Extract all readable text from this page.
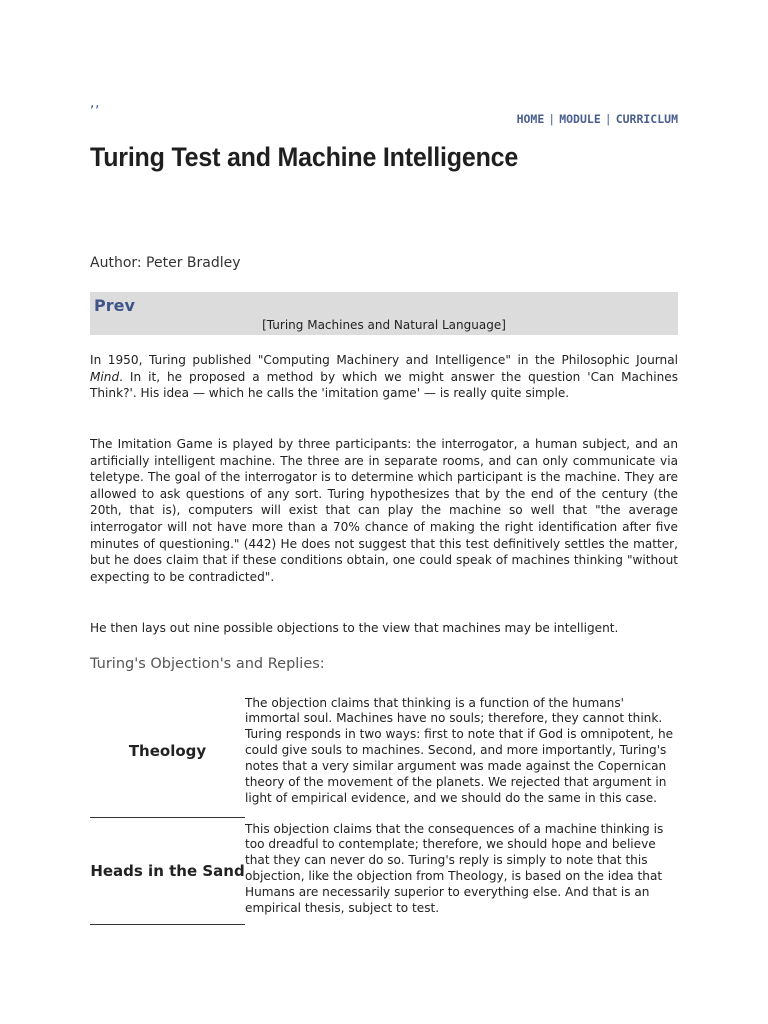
‚‚
HOME | MODULE | CURRICLUM
Turing Test and Machine Intelligence
Author: Peter Bradley
Prev
[Turing Machines and Natural Language]
In 1950, Turing published "Computing Machinery and Intelligence" in the Philosophic Journal Mind. In it, he proposed a method by which we might answer the question 'Can Machines Think?'. His idea — which he calls the 'imitation game' — is really quite simple.
The Imitation Game is played by three participants: the interrogator, a human subject, and an artificially intelligent machine. The three are in separate rooms, and can only communicate via teletype. The goal of the interrogator is to determine which participant is the machine. They are allowed to ask questions of any sort. Turing hypothesizes that by the end of the century (the 20th, that is), computers will exist that can play the machine so well that "the average interrogator will not have more than a 70% chance of making the right identification after five minutes of questioning." (442) He does not suggest that this test definitively settles the matter, but he does claim that if these conditions obtain, one could speak of machines thinking "without expecting to be contradicted".
He then lays out nine possible objections to the view that machines may be intelligent.
Turing's Objection's and Replies:
Theology	The objection claims that thinking is a function of the humans' immortal soul. Machines have no souls; therefore, they cannot think. Turing responds in two ways: first to note that if God is omnipotent, he could give souls to machines. Second, and more importantly, Turing's notes that a very similar argument was made against the Copernican theory of the movement of the planets. We rejected that argument in light of empirical evidence, and we should do the same in this case.
Heads in the Sand	This objection claims that the consequences of a machine thinking is too dreadful to contemplate; therefore, we should hope and believe that they can never do so. Turing's reply is simply to note that this objection, like the objection from Theology, is based on the idea that Humans are necessarily superior to everything else. And that is an empirical thesis, subject to test.
